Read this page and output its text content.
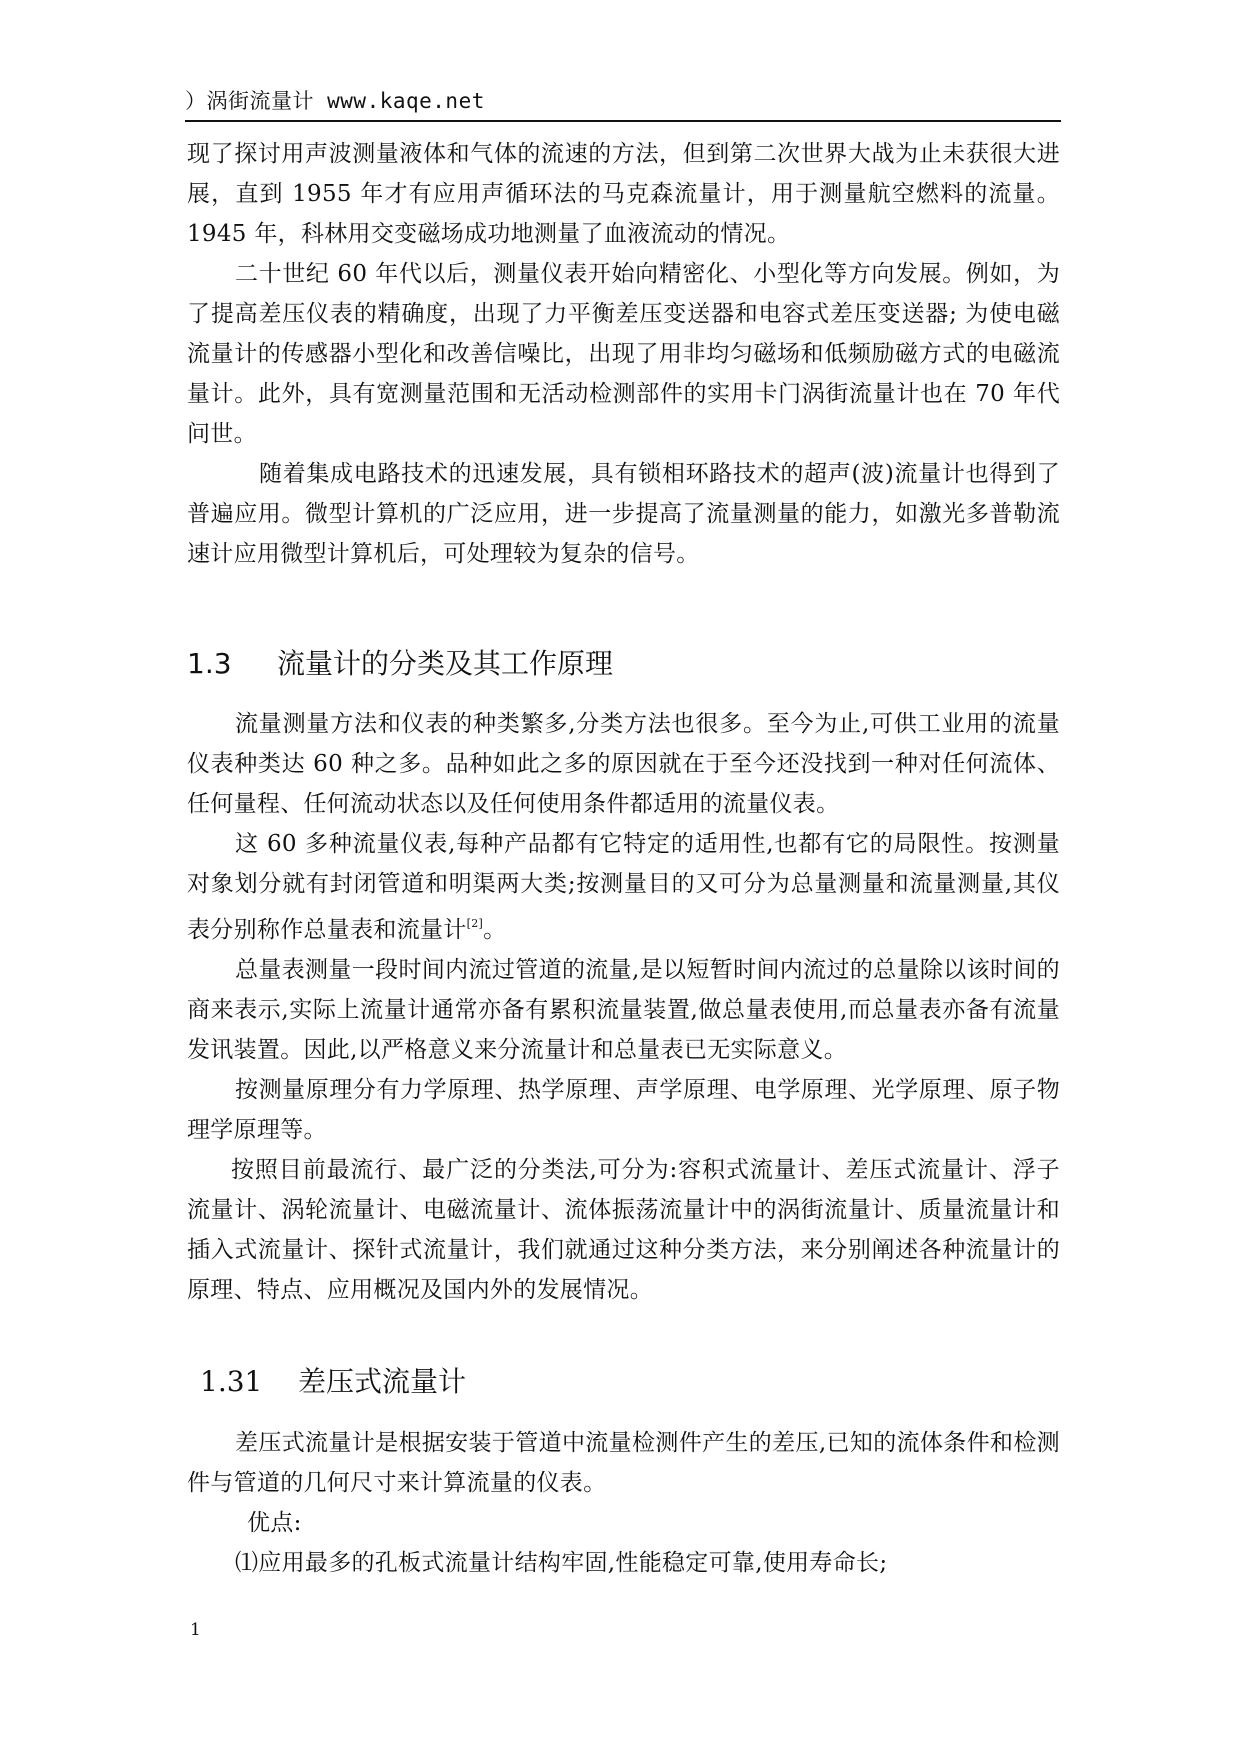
）涡街流量计 www.kaqe.net

现了探讨用声波测量液体和气体的流速的方法，但到第二次世界大战为止未获很大进展，直到 1955 年才有应用声循环法的马克森流量计，用于测量航空燃料的流量。1945 年，科林用交变磁场成功地测量了血液流动的情况。

二十世纪 60 年代以后，测量仪表开始向精密化、小型化等方向发展。例如，为了提高差压仪表的精确度，出现了力平衡差压变送器和电容式差压变送器; 为使电磁流量计的传感器小型化和改善信噪比，出现了用非均匀磁场和低频励磁方式的电磁流量计。此外，具有宽测量范围和无活动检测部件的实用卡门涡街流量计也在 70 年代问世。

随着集成电路技术的迅速发展，具有锁相环路技术的超声(波)流量计也得到了普遍应用。微型计算机的广泛应用，进一步提高了流量测量的能力，如激光多普勒流速计应用微型计算机后，可处理较为复杂的信号。

1.3 流量计的分类及其工作原理

流量测量方法和仪表的种类繁多,分类方法也很多。至今为止,可供工业用的流量仪表种类达 60 种之多。品种如此之多的原因就在于至今还没找到一种对任何流体、任何量程、任何流动状态以及任何使用条件都适用的流量仪表。

这 60 多种流量仪表,每种产品都有它特定的适用性,也都有它的局限性。按测量对象划分就有封闭管道和明渠两大类;按测量目的又可分为总量测量和流量测量,其仪表分别称作总量表和流量计[2]。

总量表测量一段时间内流过管道的流量,是以短暂时间内流过的总量除以该时间的商来表示,实际上流量计通常亦备有累积流量装置,做总量表使用,而总量表亦备有流量发讯装置。因此,以严格意义来分流量计和总量表已无实际意义。

按测量原理分有力学原理、热学原理、声学原理、电学原理、光学原理、原子物理学原理等。

按照目前最流行、最广泛的分类法,可分为:容积式流量计、差压式流量计、浮子流量计、涡轮流量计、电磁流量计、流体振荡流量计中的涡街流量计、质量流量计和插入式流量计、探针式流量计，我们就通过这种分类方法，来分别阐述各种流量计的原理、特点、应用概况及国内外的发展情况。

1.31 差压式流量计

差压式流量计是根据安装于管道中流量检测件产生的差压,已知的流体条件和检测件与管道的几何尺寸来计算流量的仪表。

优点:

⑴应用最多的孔板式流量计结构牢固,性能稳定可靠,使用寿命长;

1
